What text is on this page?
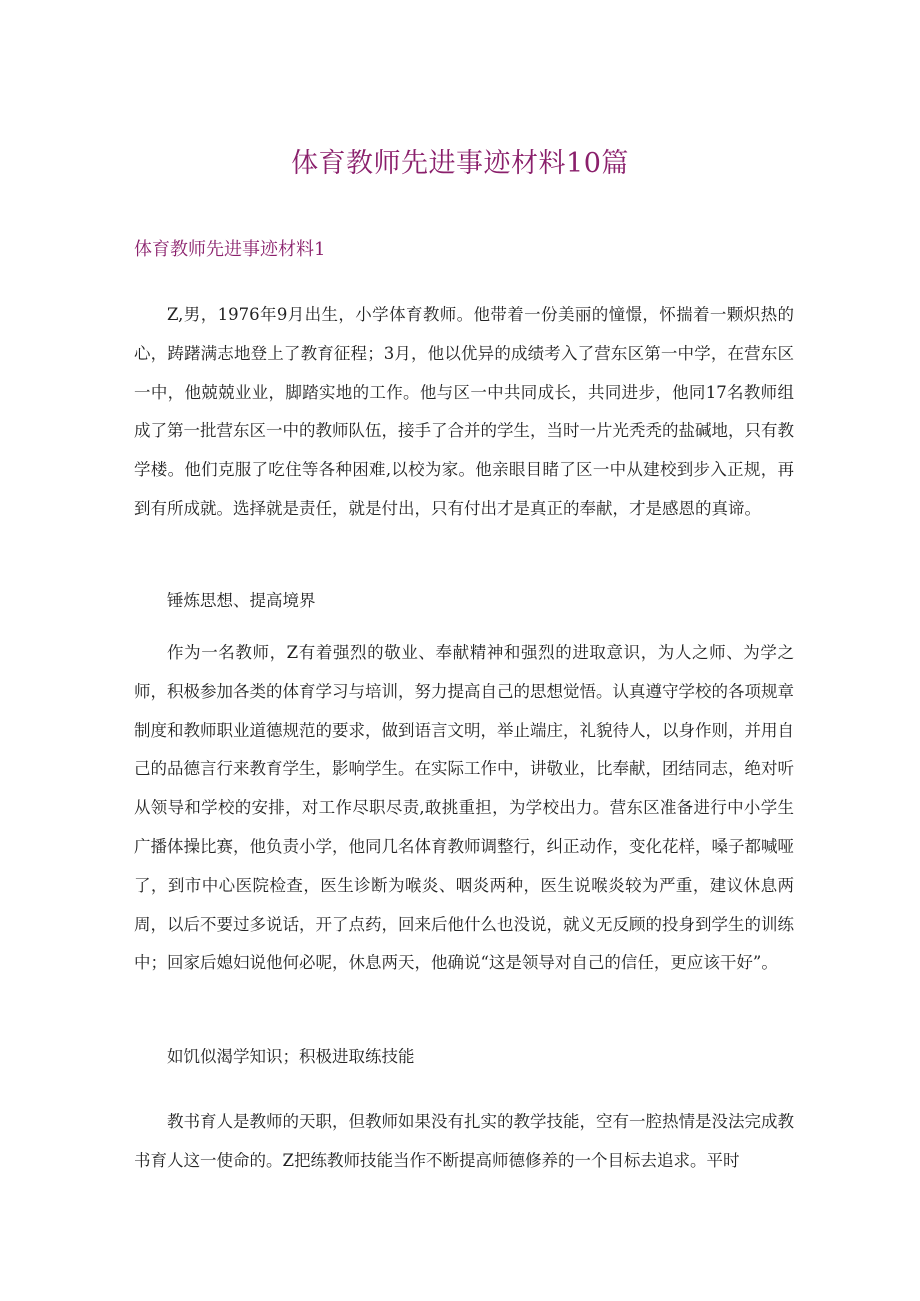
体育教师先进事迹材料10篇
体育教师先进事迹材料1

Z,男，1976年9月出生，小学体育教师。他带着一份美丽的憧憬，怀揣着一颗炽热的心，踌躇满志地登上了教育征程；3月，他以优异的成绩考入了营东区第一中学，在营东区一中，他兢兢业业，脚踏实地的工作。他与区一中共同成长，共同进步，他同17名教师组成了第一批营东区一中的教师队伍，接手了合并的学生，当时一片光秃秃的盐碱地，只有教学楼。他们克服了吃住等各种困难,以校为家。他亲眼目睹了区一中从建校到步入正规，再到有所成就。选择就是责任，就是付出，只有付出才是真正的奉献，才是感恩的真谛。

锤炼思想、提高境界

作为一名教师，Z有着强烈的敬业、奉献精神和强烈的进取意识，为人之师、为学之师，积极参加各类的体育学习与培训，努力提高自己的思想觉悟。认真遵守学校的各项规章制度和教师职业道德规范的要求，做到语言文明，举止端庄，礼貌待人，以身作则，并用自己的品德言行来教育学生，影响学生。在实际工作中，讲敬业，比奉献，团结同志，绝对听从领导和学校的安排，对工作尽职尽责,敢挑重担，为学校出力。营东区准备进行中小学生广播体操比赛，他负责小学，他同几名体育教师调整行，纠正动作，变化花样，嗓子都喊哑了，到市中心医院检查，医生诊断为喉炎、咽炎两种，医生说喉炎较为严重，建议休息两周，以后不要过多说话，开了点药，回来后他什么也没说，就义无反顾的投身到学生的训练中；回家后媳妇说他何必呢，休息两天，他确说“这是领导对自己的信任，更应该干好”。

如饥似渴学知识；积极进取练技能

教书育人是教师的天职，但教师如果没有扎实的教学技能，空有一腔热情是没法完成教书育人这一使命的。Z把练教师技能当作不断提高师德修养的一个目标去追求。平时
